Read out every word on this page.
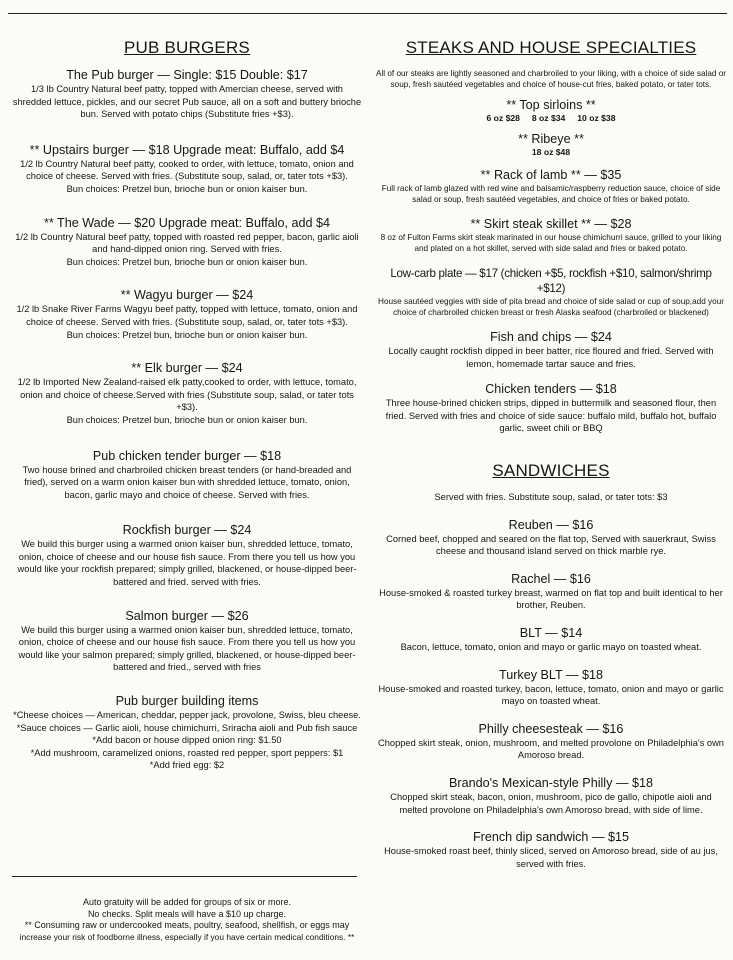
PUB BURGERS
The Pub burger — Single: $15 Double: $17
1/3 lb Country Natural beef patty, topped with Amercian cheese, served with shredded lettuce, pickles, and our secret Pub sauce, all on a soft and buttery brioche bun. Served with potato chips (Substitute fries +$3).
** Upstairs burger — $18 Upgrade meat: Buffalo, add $4
1/2 lb Country Natural beef patty, cooked to order, with lettuce, tomato, onion and choice of cheese. Served with fries. (Substitute soup, salad, or, tater tots +$3).
Bun choices: Pretzel bun, brioche bun or onion kaiser bun.
** The Wade — $20 Upgrade meat: Buffalo, add $4
1/2 lb Country Natural beef patty, topped with roasted red pepper, bacon, garlic aioli and hand-dipped onion ring. Served with fries.
Bun choices: Pretzel bun, brioche bun or onion kaiser bun.
** Wagyu burger — $24
1/2 lb Snake River Farms Wagyu beef patty, topped with lettuce, tomato, onion and choice of cheese. Served with fries. (Substitute soup, salad, or, tater tots +$3).
Bun choices: Pretzel bun, brioche bun or onion kaiser bun.
** Elk burger — $24
1/2 lb Imported New Zealand-raised elk patty,cooked to order, with lettuce, tomato, onion and choice of cheese.Served with fries (Substitute soup, salad, or tater tots +$3).
Bun choices: Pretzel bun, brioche bun or onion kaiser bun.
Pub chicken tender burger — $18
Two house brined and charbroiled chicken breast tenders (or hand-breaded and fried), served on a warm onion kaiser bun with shredded lettuce, tomato, onion, bacon, garlic mayo and choice of cheese. Served with fries.
Rockfish burger — $24
We build this burger using a warmed onion kaiser bun, shredded lettuce, tomato, onion, choice of cheese and our house fish sauce. From there you tell us how you would like your rockfish prepared; simply grilled, blackened, or house-dipped beer-battered and fried. served with fries.
Salmon burger — $26
We build this burger using a warmed onion kaiser bun, shredded lettuce, tomato, onion, choice of cheese and our house fish sauce. From there you tell us how you would like your salmon prepared; simply grilled, blackened, or house-dipped beer-battered and fried., served with fries
Pub burger building items
*Cheese choices — American, cheddar, pepper jack, provolone, Swiss, bleu cheese.
*Sauce choices — Garlic aioli, house chimichurri, Sriracha aioli and Pub fish sauce
*Add bacon or house dipped onion ring: $1.50
*Add mushroom, caramelized onions, roasted red pepper, sport peppers: $1
*Add fried egg: $2
Auto gratuity will be added for groups of six or more.
No checks. Split meals will have a $10 up charge.
** Consuming raw or undercooked meats, poultry, seafood, shellfish, or eggs may
increase your risk of foodborne illness, especially if you have certain medical conditions. **
STEAKS AND HOUSE SPECIALTIES
All of our steaks are lightly seasoned and charbroiled to your liking, with a choice of side salad or soup, fresh sautéed vegetables and choice of house-cut fries, baked potato, or tater tots.
** Top sirloins **
6 oz $28     8 oz $34     10 oz $38
** Ribeye **
18 oz $48
** Rack of lamb ** — $35
Full rack of lamb glazed with red wine and balsamic/raspberry reduction sauce, choice of side salad or soup, fresh sautéed vegetables, and choice of fries or baked potato.
** Skirt steak skillet ** — $28
8 oz of Fulton Farms skirt steak marinated in our house chimichurri sauce, grilled to your liking and plated on a hot skillet, served with side salad and fries or baked potato.
Low-carb plate — $17 (chicken +$5, rockfish +$10, salmon/shrimp +$12)
House sautéed veggies with side of pita bread and choice of side salad or cup of soup,add your choice of charbroiled chicken breast or fresh Alaska seafood (charbroiled or blackened)
Fish and chips — $24
Locally caught rockfish dipped in beer batter, rice floured and fried. Served with lemon, homemade tartar sauce and fries.
Chicken tenders — $18
Three house-brined chicken strips, dipped in buttermilk and seasoned flour, then fried. Served with fries and choice of side sauce: buffalo mild, buffalo hot, buffalo garlic, sweet chili or BBQ
SANDWICHES
Served with fries. Substitute soup, salad, or tater tots: $3
Reuben — $16
Corned beef, chopped and seared on the flat top, Served with sauerkraut, Swiss cheese and thousand island served on thick marble rye.
Rachel — $16
House-smoked & roasted turkey breast, warmed on flat top and built identical to her brother, Reuben.
BLT — $14
Bacon, lettuce, tomato, onion and mayo or garlic mayo on toasted wheat.
Turkey BLT — $18
House-smoked and roasted turkey, bacon, lettuce, tomato, onion and mayo or garlic mayo on toasted wheat.
Philly cheesesteak — $16
Chopped skirt steak, onion, mushroom, and melted provolone on Philadelphia's own Amoroso bread.
Brando's Mexican-style Philly — $18
Chopped skirt steak, bacon, onion, mushroom, pico de gallo, chipotle aioli and melted provolone on Philadelphia's own Amoroso bread, with side of lime.
French dip sandwich — $15
House-smoked roast beef, thinly sliced, served on Amoroso bread, side of au jus, served with fries.
